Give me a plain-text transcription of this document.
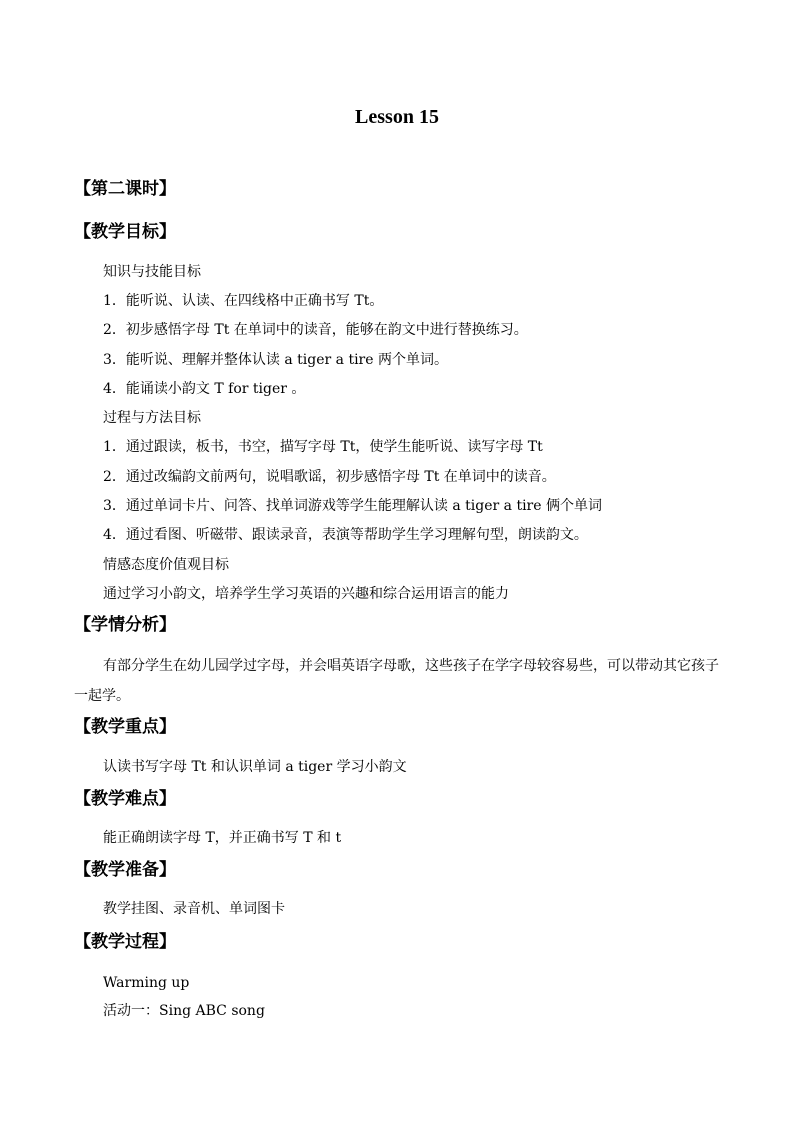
Lesson 15
【第二课时】
【教学目标】
知识与技能目标
1．能听说、认读、在四线格中正确书写 Tt。
2．初步感悟字母 Tt 在单词中的读音，能够在韵文中进行替换练习。
3．能听说、理解并整体认读 a tiger a tire 两个单词。
4．能诵读小韵文 T for tiger 。
过程与方法目标
1．通过跟读，板书，书空，描写字母 Tt，使学生能听说、读写字母 Tt
2．通过改编韵文前两句，说唱歌谣，初步感悟字母 Tt 在单词中的读音。
3．通过单词卡片、问答、找单词游戏等学生能理解认读 a tiger a tire 俩个单词
4．通过看图、听磁带、跟读录音，表演等帮助学生学习理解句型，朗读韵文。
情感态度价值观目标
通过学习小韵文，培养学生学习英语的兴趣和综合运用语言的能力
【学情分析】
有部分学生在幼儿园学过字母，并会唱英语字母歌，这些孩子在学字母较容易些，可以带动其它孩子一起学。
【教学重点】
认读书写字母 Tt 和认识单词 a tiger 学习小韵文
【教学难点】
能正确朗读字母 T，并正确书写 T 和 t
【教学准备】
教学挂图、录音机、单词图卡
【教学过程】
Warming up
活动一：Sing ABC song
